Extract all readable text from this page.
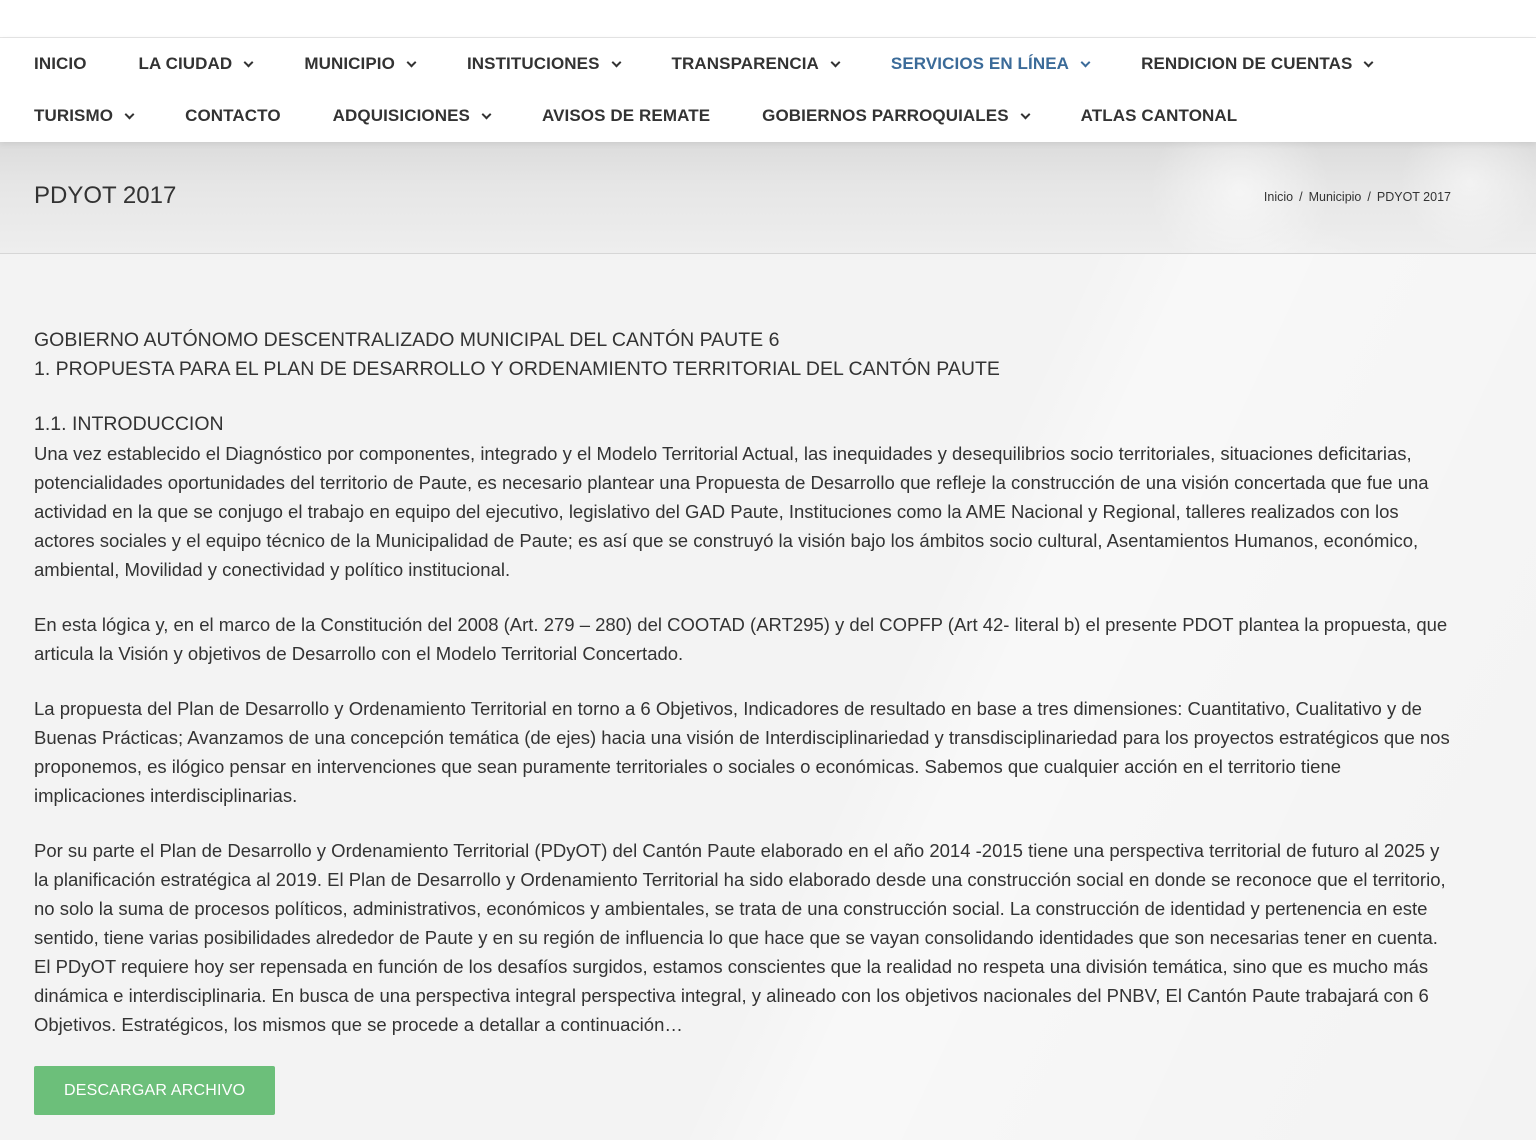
INICIO	LA CIUDAD	MUNICIPIO	INSTITUCIONES	TRANSPARENCIA	SERVICIOS EN LÍNEA	RENDICION DE CUENTAS
TURISMO	CONTACTO	ADQUISICIONES	AVISOS DE REMATE	GOBIERNOS PARROQUIALES	ATLAS CANTONAL
PDYOT 2017	Inicio / Municipio / PDYOT 2017
GOBIERNO AUTÓNOMO DESCENTRALIZADO MUNICIPAL DEL CANTÓN PAUTE 6
1. PROPUESTA PARA EL PLAN DE DESARROLLO Y ORDENAMIENTO TERRITORIAL DEL CANTÓN PAUTE
1.1. INTRODUCCION

Una vez establecido el Diagnóstico por componentes, integrado y el Modelo Territorial Actual, las inequidades y desequilibrios socio territoriales, situaciones deficitarias, potencialidades oportunidades del territorio de Paute, es necesario plantear una Propuesta de Desarrollo que refleje la construcción de una visión concertada que fue una actividad en la que se conjugo el trabajo en equipo del ejecutivo, legislativo del GAD Paute, Instituciones como la AME Nacional y Regional, talleres realizados con los actores sociales y el equipo técnico de la Municipalidad de Paute; es así que se construyó la visión bajo los ámbitos socio cultural, Asentamientos Humanos, económico, ambiental, Movilidad y conectividad y político institucional.

En esta lógica y, en el marco de la Constitución del 2008 (Art. 279 – 280) del COOTAD (ART295) y del COPFP (Art 42- literal b) el presente PDOT plantea la propuesta, que articula la Visión y objetivos de Desarrollo con el Modelo Territorial Concertado.

La propuesta del Plan de Desarrollo y Ordenamiento Territorial en torno a 6 Objetivos, Indicadores de resultado en base a tres dimensiones: Cuantitativo, Cualitativo y de Buenas Prácticas; Avanzamos de una concepción temática (de ejes) hacia una visión de Interdisciplinariedad y transdisciplinariedad para los proyectos estratégicos que nos proponemos, es ilógico pensar en intervenciones que sean puramente territoriales o sociales o económicas. Sabemos que cualquier acción en el territorio tiene implicaciones interdisciplinarias.

Por su parte el Plan de Desarrollo y Ordenamiento Territorial (PDyOT) del Cantón Paute elaborado en el año 2014 -2015 tiene una perspectiva territorial de futuro al 2025 y la planificación estratégica al 2019. El Plan de Desarrollo y Ordenamiento Territorial ha sido elaborado desde una construcción social en donde se reconoce que el territorio, no solo la suma de procesos políticos, administrativos, económicos y ambientales, se trata de una construcción social. La construcción de identidad y pertenencia en este sentido, tiene varias posibilidades alrededor de Paute y en su región de influencia lo que hace que se vayan consolidando identidades que son necesarias tener en cuenta. El PDyOT requiere hoy ser repensada en función de los desafíos surgidos, estamos conscientes que la realidad no respeta una división temática, sino que es mucho más dinámica e interdisciplinaria. En busca de una perspectiva integral perspectiva integral, y alineado con los objetivos nacionales del PNBV, El Cantón Paute trabajará con 6 Objetivos. Estratégicos, los mismos que se procede a detallar a continuación…

DESCARGAR ARCHIVO
